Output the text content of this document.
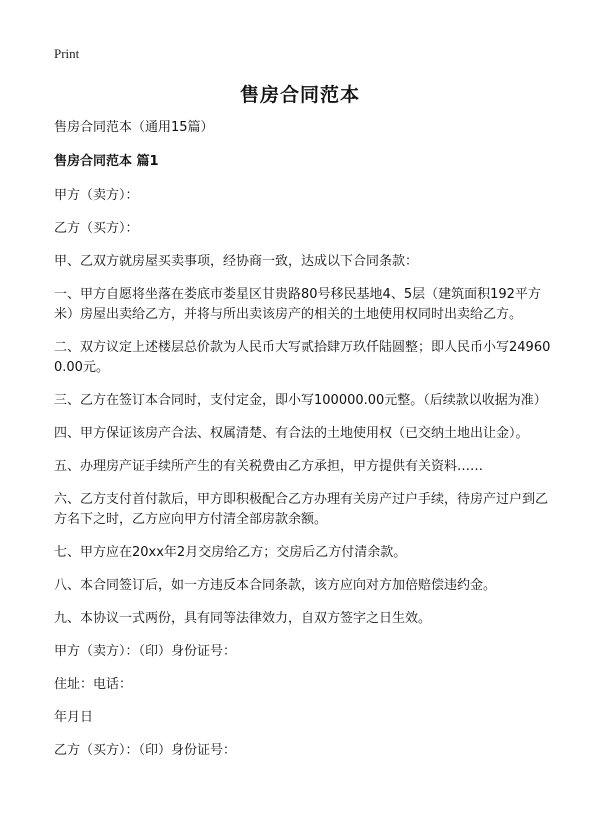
Print
售房合同范本

售房合同范本（通用15篇）

售房合同范本 篇1

甲方（卖方）：

乙方（买方）：

甲、乙双方就房屋买卖事项，经协商一致，达成以下合同条款：

一、甲方自愿将坐落在娄底市娄星区甘贵路80号移民基地4、5层（建筑面积192平方米）房屋出卖给乙方，并将与所出卖该房产的相关的土地使用权同时出卖给乙方。

二、双方议定上述楼层总价款为人民币大写贰拾肆万玖仟陆圆整；即人民币小写249600.00元。

三、乙方在签订本合同时，支付定金，即小写100000.00元整。（后续款以收据为准）

四、甲方保证该房产合法、权属清楚、有合法的土地使用权（已交纳土地出让金）。

五、办理房产证手续所产生的有关税费由乙方承担，甲方提供有关资料……

六、乙方支付首付款后，甲方即积极配合乙方办理有关房产过户手续，待房产过户到乙方名下之时，乙方应向甲方付清全部房款余额。

七、甲方应在20xx年2月交房给乙方；交房后乙方付清余款。

八、本合同签订后，如一方违反本合同条款，该方应向对方加倍赔偿违约金。

九、本协议一式两份，具有同等法律效力，自双方签字之日生效。

甲方（卖方）：（印）身份证号：

住址：电话：

年月日

乙方（买方）：（印）身份证号：
